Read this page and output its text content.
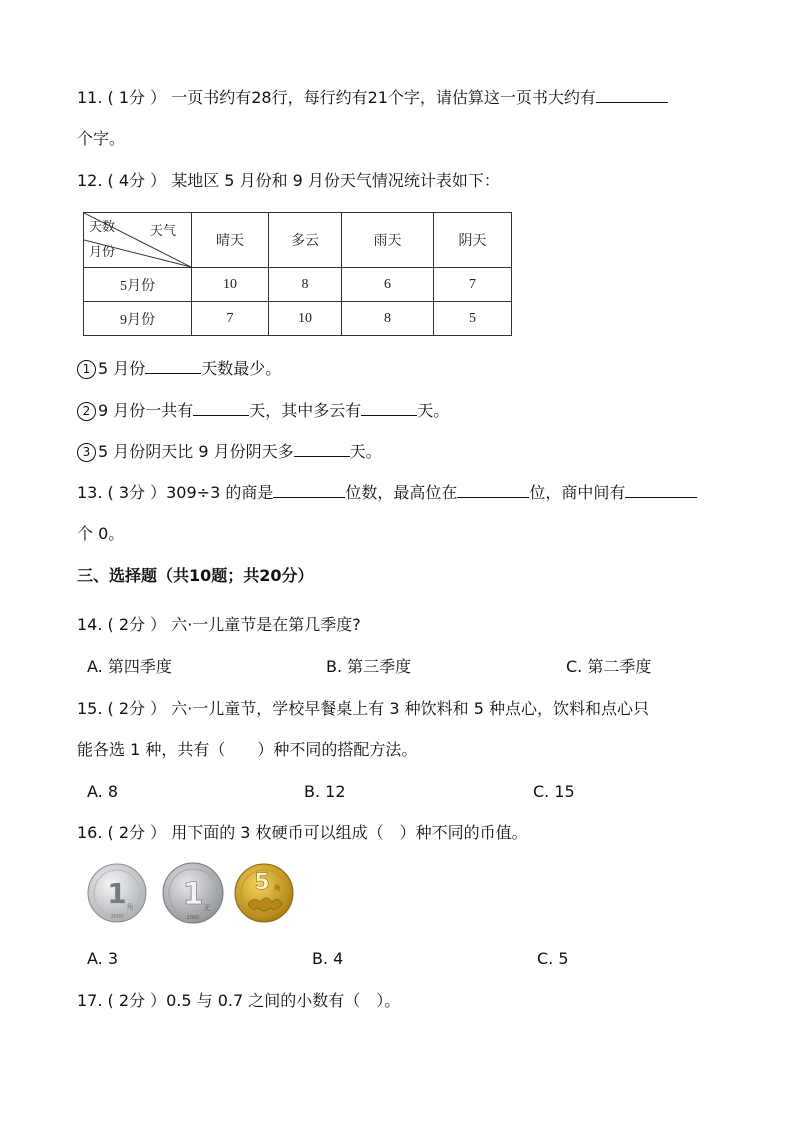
11. ( 1分 ） 一页书约有28行，每行约有21个字，请估算这一页书大约有
个字。
12. ( 4分 ） 某地区 5 月份和 9 月份天气情况统计表如下：
天数 天气
月份	晴天	多云	雨天	阴天
5月份	10	8	6	7
9月份	7	10	8	5
1 5 月份	天数最少。
2 9 月份一共有	天，其中多云有	天。
3 5 月份阴天比 9 月份阴天多	天。
13. ( 3分 ）309÷3 的商是	位数，最高位在	位，商中间有
个 0。
三、选择题（共10题；共20分）
14. ( 2分 ） 六·一儿童节是在第几季度?
A. 第四季度	B. 第三季度	C. 第二季度
15. ( 2分 ） 六·一儿童节，学校早餐桌上有 3 种饮料和 5 种点心，饮料和点心只
能各选 1 种，共有（　　）种不同的搭配方法。
A. 8	B. 12	C. 15
16. ( 2分 ） 用下面的 3 枚硬币可以组成（　）种不同的币值。
1 角
2000
1 元
2000
5 角
A. 3	B. 4	C. 5
17. ( 2分 ）0.5 与 0.7 之间的小数有（　）。
